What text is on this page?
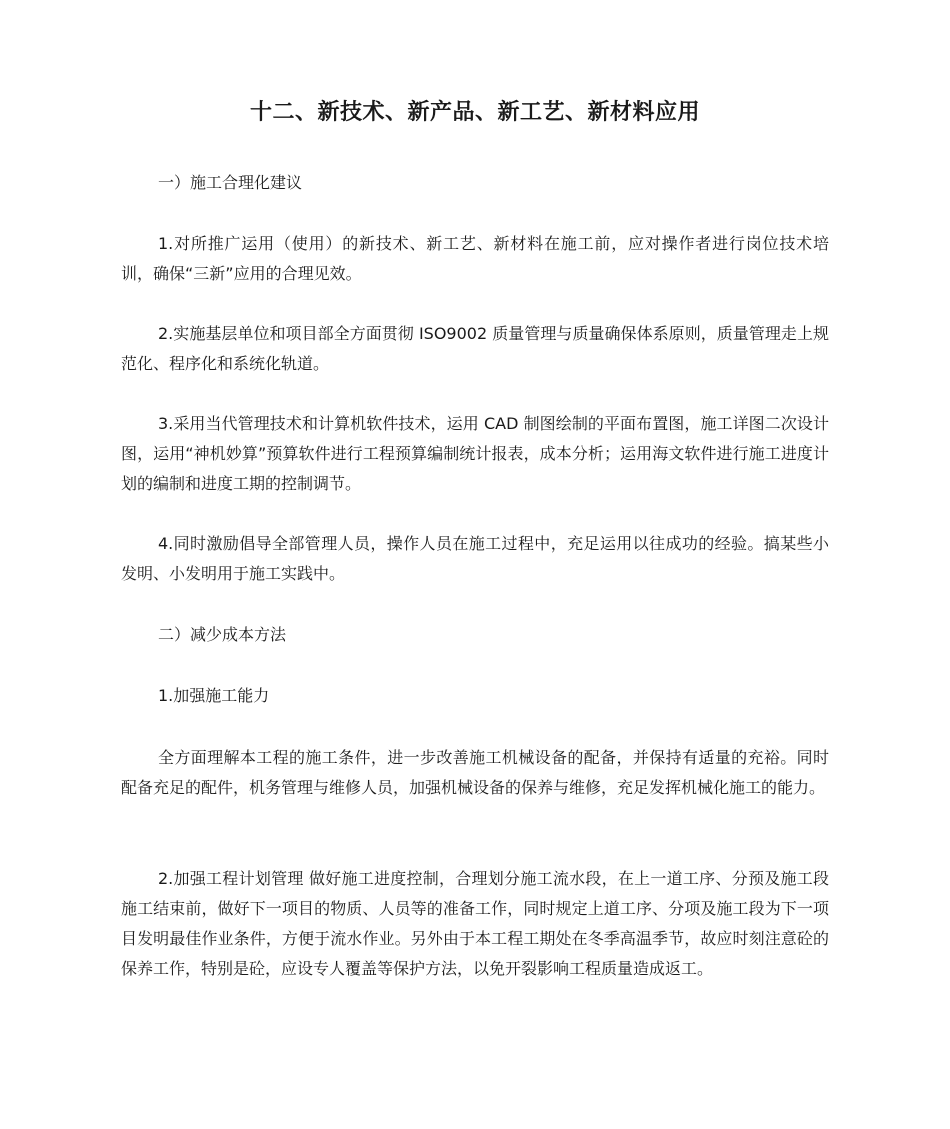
十二、新技术、新产品、新工艺、新材料应用

一）施工合理化建议

1.对所推广运用（使用）的新技术、新工艺、新材料在施工前，应对操作者进行岗位技术培训，确保“三新”应用的合理见效。

2.实施基层单位和项目部全方面贯彻 ISO9002 质量管理与质量确保体系原则，质量管理走上规范化、程序化和系统化轨道。

3.采用当代管理技术和计算机软件技术，运用 CAD 制图绘制的平面布置图，施工详图二次设计图，运用“神机妙算”预算软件进行工程预算编制统计报表，成本分析；运用海文软件进行施工进度计划的编制和进度工期的控制调节。

4.同时激励倡导全部管理人员，操作人员在施工过程中，充足运用以往成功的经验。搞某些小发明、小发明用于施工实践中。

二）减少成本方法

1.加强施工能力

全方面理解本工程的施工条件，进一步改善施工机械设备的配备，并保持有适量的充裕。同时配备充足的配件，机务管理与维修人员，加强机械设备的保养与维修，充足发挥机械化施工的能力。

2.加强工程计划管理 做好施工进度控制，合理划分施工流水段，在上一道工序、分预及施工段施工结束前，做好下一项目的物质、人员等的准备工作，同时规定上道工序、分项及施工段为下一项目发明最佳作业条件，方便于流水作业。另外由于本工程工期处在冬季高温季节，故应时刻注意砼的保养工作，特别是砼，应设专人覆盖等保护方法，以免开裂影响工程质量造成返工。
